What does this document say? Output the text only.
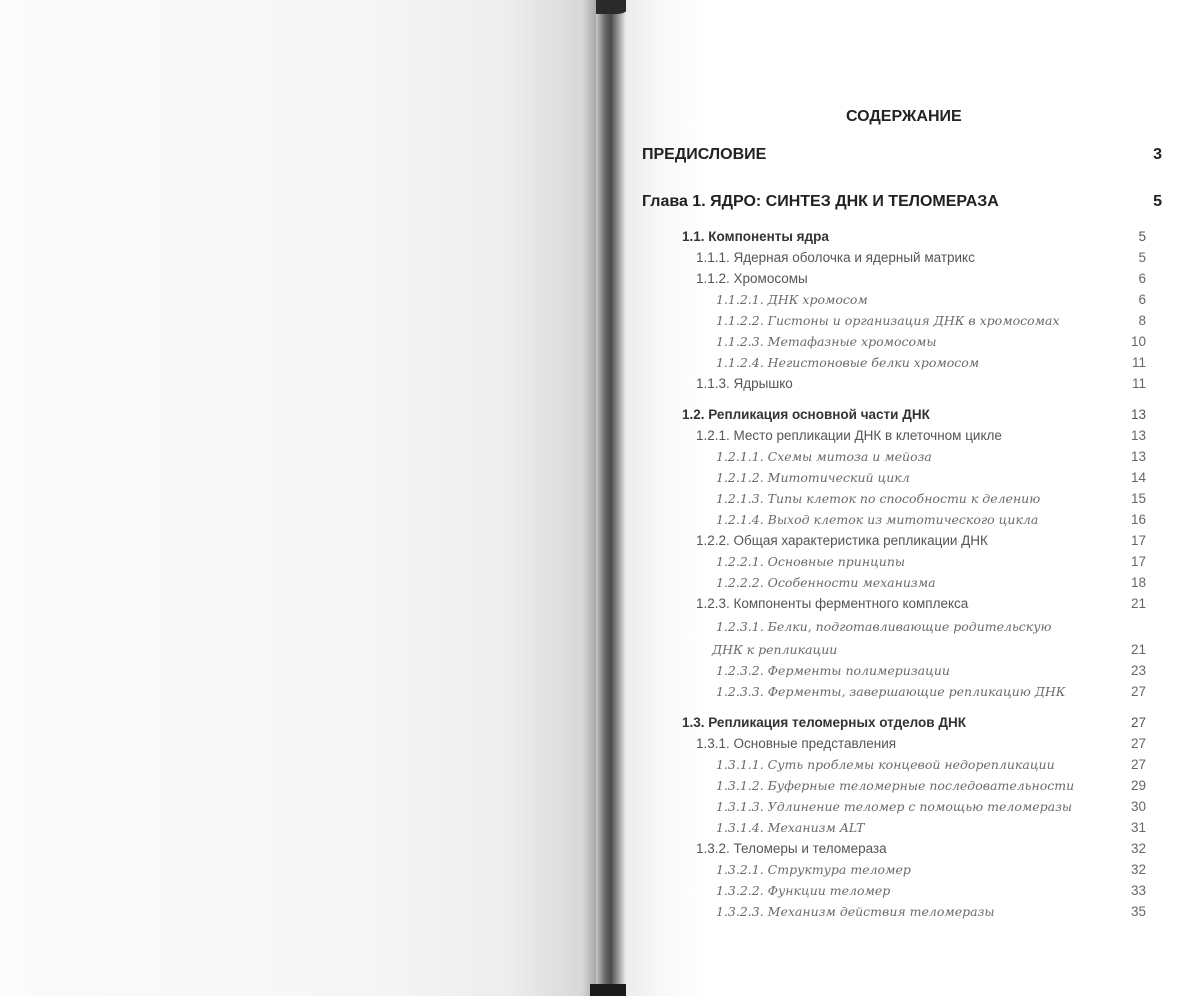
СОДЕРЖАНИЕ
ПРЕДИСЛОВИЕ	3
Глава 1. ЯДРО: СИНТЕЗ ДНК И ТЕЛОМЕРАЗА	5
1.1. Компоненты ядра	5
1.1.1. Ядерная оболочка и ядерный матрикс	5
1.1.2. Хромосомы	6
1.1.2.1. ДНК хромосом	6
1.1.2.2. Гистоны и организация ДНК в хромосомах	8
1.1.2.3. Метафазные хромосомы	10
1.1.2.4. Негистоновые белки хромосом	11
1.1.3. Ядрышко	11
1.2. Репликация основной части ДНК	13
1.2.1. Место репликации ДНК в клеточном цикле	13
1.2.1.1. Схемы митоза и мейоза	13
1.2.1.2. Митотический цикл	14
1.2.1.3. Типы клеток по способности к делению	15
1.2.1.4. Выход клеток из митотического цикла	16
1.2.2. Общая характеристика репликации ДНК	17
1.2.2.1. Основные принципы	17
1.2.2.2. Особенности механизма	18
1.2.3. Компоненты ферментного комплекса	21
1.2.3.1. Белки, подготавливающие родительскую
ДНК к репликации	21
1.2.3.2. Ферменты полимеризации	23
1.2.3.3. Ферменты, завершающие репликацию ДНК	27
1.3. Репликация теломерных отделов ДНК	27
1.3.1. Основные представления	27
1.3.1.1. Суть проблемы концевой недорепликации	27
1.3.1.2. Буферные теломерные последовательности	29
1.3.1.3. Удлинение теломер с помощью теломеразы	30
1.3.1.4. Механизм ALT	31
1.3.2. Теломеры и теломераза	32
1.3.2.1. Структура теломер	32
1.3.2.2. Функции теломер	33
1.3.2.3. Механизм действия теломеразы	35
